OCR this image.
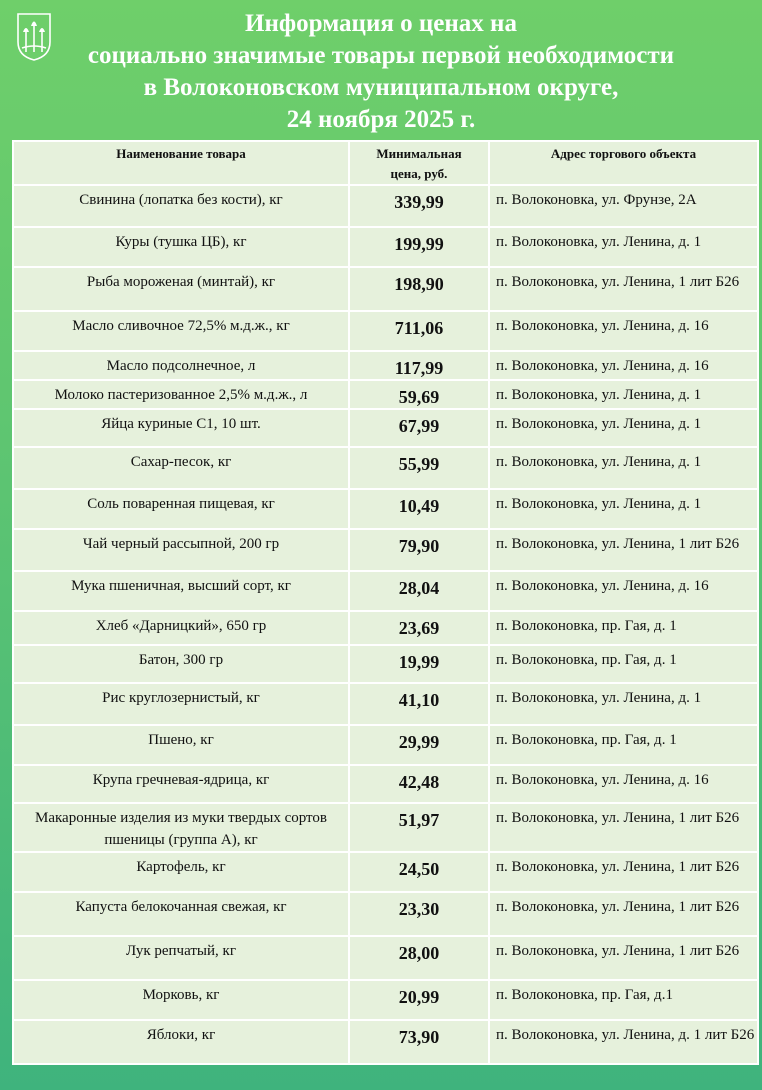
Информация о ценах на
социально значимые товары первой необходимости
в Волоконовском муниципальном округе,
24 ноября 2025 г.
Наименование товара	Минимальная цена, руб.	Адрес торгового объекта
Свинина (лопатка без кости), кг	339,99	п. Волоконовка, ул. Фрунзе, 2А
Куры (тушка ЦБ), кг	199,99	п. Волоконовка, ул. Ленина, д. 1
Рыба мороженая (минтай), кг	198,90	п. Волоконовка, ул. Ленина, 1 лит Б26
Масло сливочное 72,5% м.д.ж., кг	711,06	п. Волоконовка, ул. Ленина, д. 16
Масло подсолнечное, л	117,99	п. Волоконовка, ул. Ленина, д. 16
Молоко пастеризованное 2,5% м.д.ж., л	59,69	п. Волоконовка, ул. Ленина, д. 1
Яйца куриные С1, 10 шт.	67,99	п. Волоконовка, ул. Ленина, д. 1
Сахар-песок, кг	55,99	п. Волоконовка, ул. Ленина, д. 1
Соль поваренная пищевая, кг	10,49	п. Волоконовка, ул. Ленина, д. 1
Чай черный рассыпной, 200 гр	79,90	п. Волоконовка, ул. Ленина, 1 лит Б26
Мука пшеничная, высший сорт, кг	28,04	п. Волоконовка, ул. Ленина, д. 16
Хлеб «Дарницкий», 650 гр	23,69	п. Волоконовка, пр. Гая, д. 1
Батон, 300 гр	19,99	п. Волоконовка, пр. Гая, д. 1
Рис круглозернистый, кг	41,10	п. Волоконовка, ул. Ленина, д. 1
Пшено, кг	29,99	п. Волоконовка, пр. Гая, д. 1
Крупа гречневая-ядрица, кг	42,48	п. Волоконовка, ул. Ленина, д. 16
Макаронные изделия из муки твердых сортов пшеницы (группа А), кг	51,97	п. Волоконовка, ул. Ленина, 1 лит Б26
Картофель, кг	24,50	п. Волоконовка, ул. Ленина, 1 лит Б26
Капуста белокочанная свежая, кг	23,30	п. Волоконовка, ул. Ленина, 1 лит Б26
Лук репчатый, кг	28,00	п. Волоконовка, ул. Ленина, 1 лит Б26
Морковь, кг	20,99	п. Волоконовка, пр. Гая, д.1
Яблоки, кг	73,90	п. Волоконовка, ул. Ленина, д. 1 лит Б26
